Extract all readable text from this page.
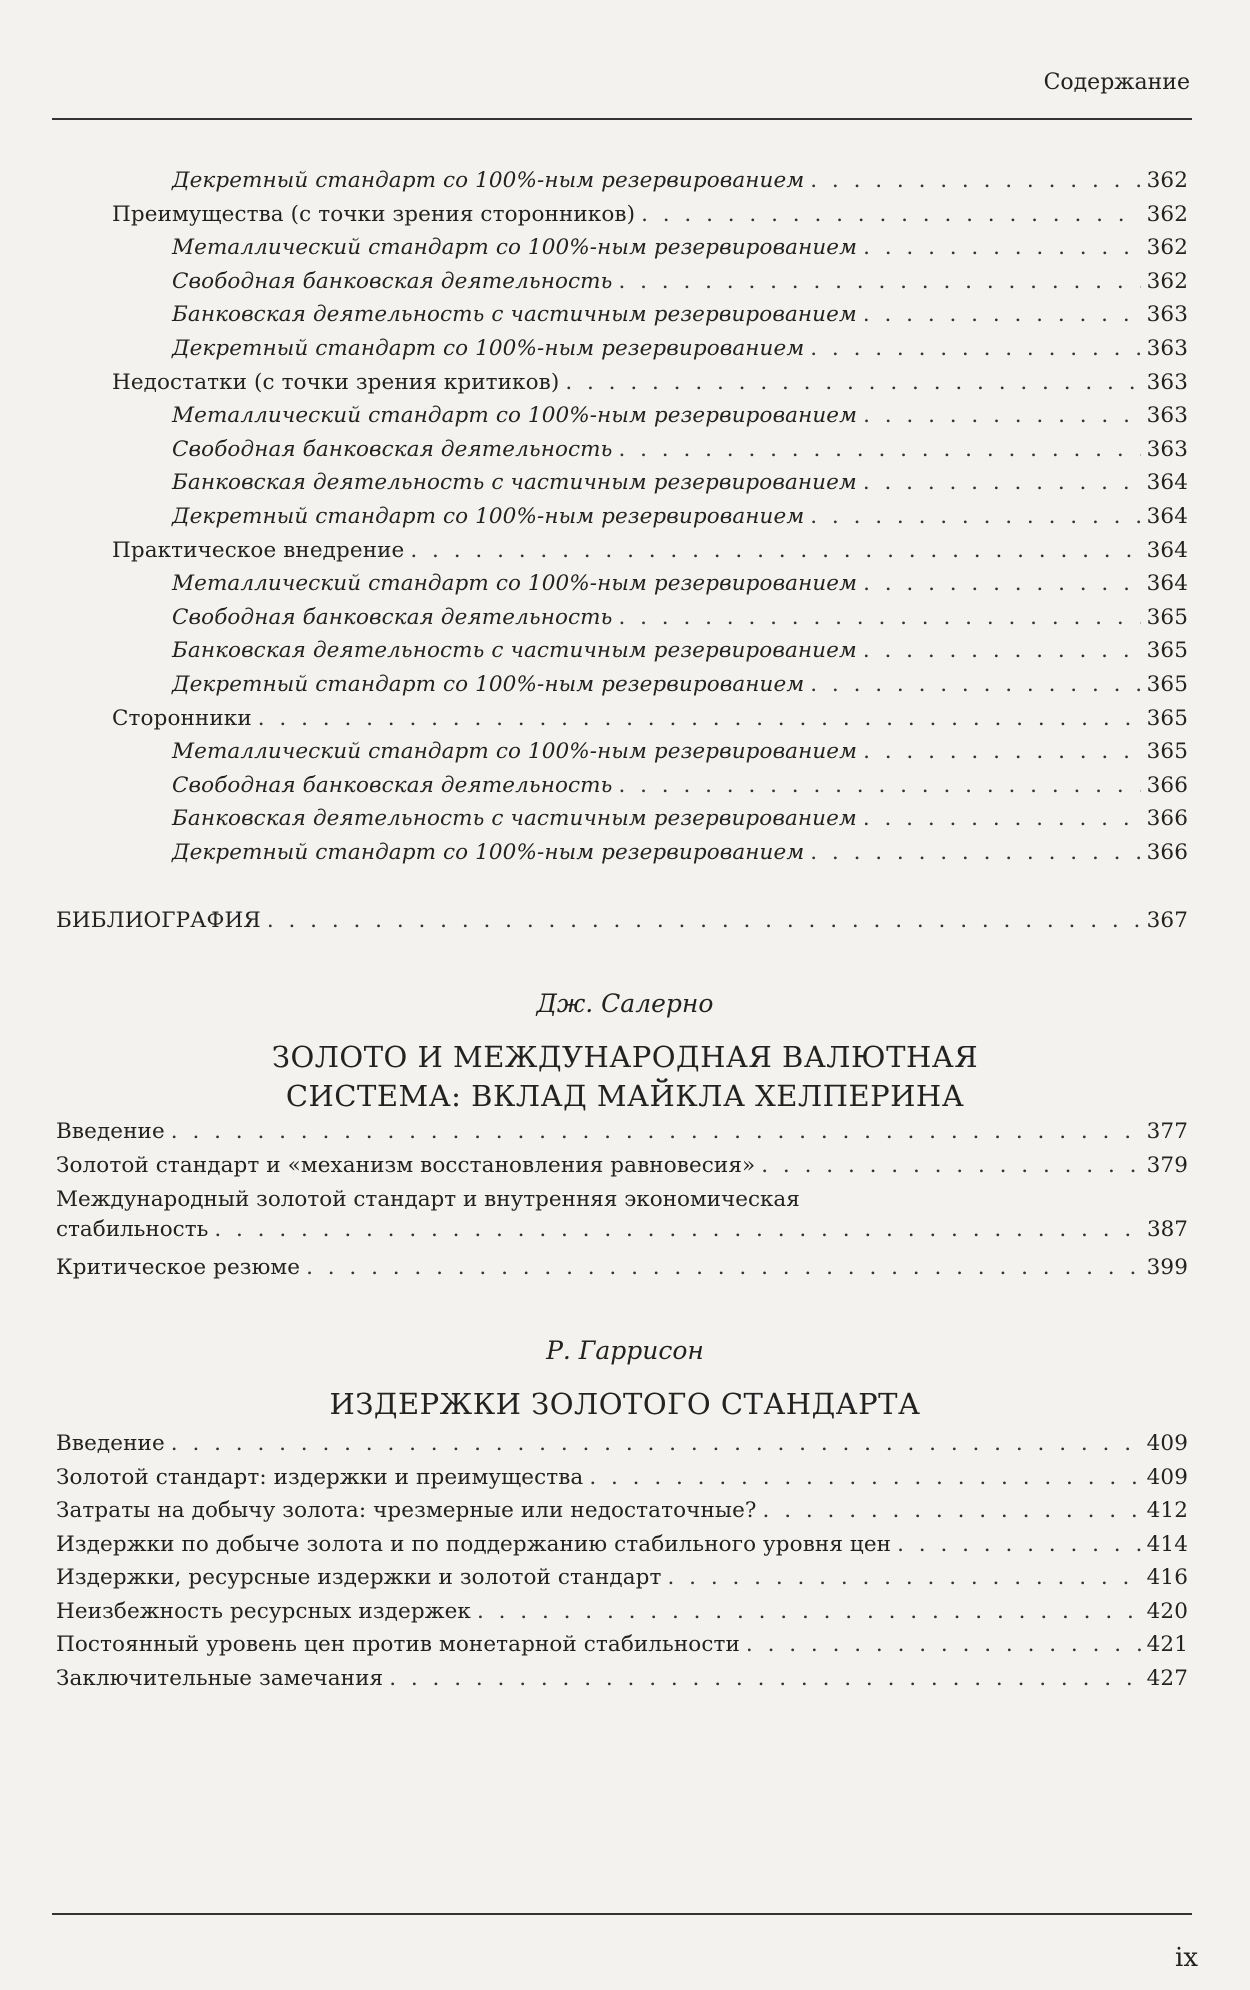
Содержание
Декретный стандарт со 100%-ным резервированием . . .	362
Преимущества (с точки зрения сторонников) . . .	362
Металлический стандарт со 100%-ным резервированием . . .	362
Свободная банковская деятельность . . .	362
Банковская деятельность с частичным резервированием . . .	363
Декретный стандарт со 100%-ным резервированием . . .	363
Недостатки (с точки зрения критиков) . . .	363
Металлический стандарт со 100%-ным резервированием . . .	363
Свободная банковская деятельность . . .	363
Банковская деятельность с частичным резервированием . . .	364
Декретный стандарт со 100%-ным резервированием . . .	364
Практическое внедрение . . .	364
Металлический стандарт со 100%-ным резервированием . . .	364
Свободная банковская деятельность . . .	365
Банковская деятельность с частичным резервированием . . .	365
Декретный стандарт со 100%-ным резервированием . . .	365
Сторонники . . .	365
Металлический стандарт со 100%-ным резервированием . . .	365
Свободная банковская деятельность . . .	366
Банковская деятельность с частичным резервированием . . .	366
Декретный стандарт со 100%-ным резервированием . . .	366
БИБЛИОГРАФИЯ . . .	367
Дж. Салерно
ЗОЛОТО И МЕЖДУНАРОДНАЯ ВАЛЮТНАЯ
СИСТЕМА: ВКЛАД МАЙКЛА ХЕЛПЕРИНА
Введение . . .	377
Золотой стандарт и «механизм восстановления равновесия» . . .	379
Международный золотой стандарт и внутренняя экономическая
стабильность . . .	387
Критическое резюме . . .	399
Р. Гаррисон
ИЗДЕРЖКИ ЗОЛОТОГО СТАНДАРТА
Введение . . .	409
Золотой стандарт: издержки и преимущества . . .	409
Затраты на добычу золота: чрезмерные или недостаточные? . . .	412
Издержки по добыче золота и по поддержанию стабильного уровня цен . . .	414
Издержки, ресурсные издержки и золотой стандарт . . .	416
Неизбежность ресурсных издержек . . .	420
Постоянный уровень цен против монетарной стабильности . . .	421
Заключительные замечания . . .	427
ix
